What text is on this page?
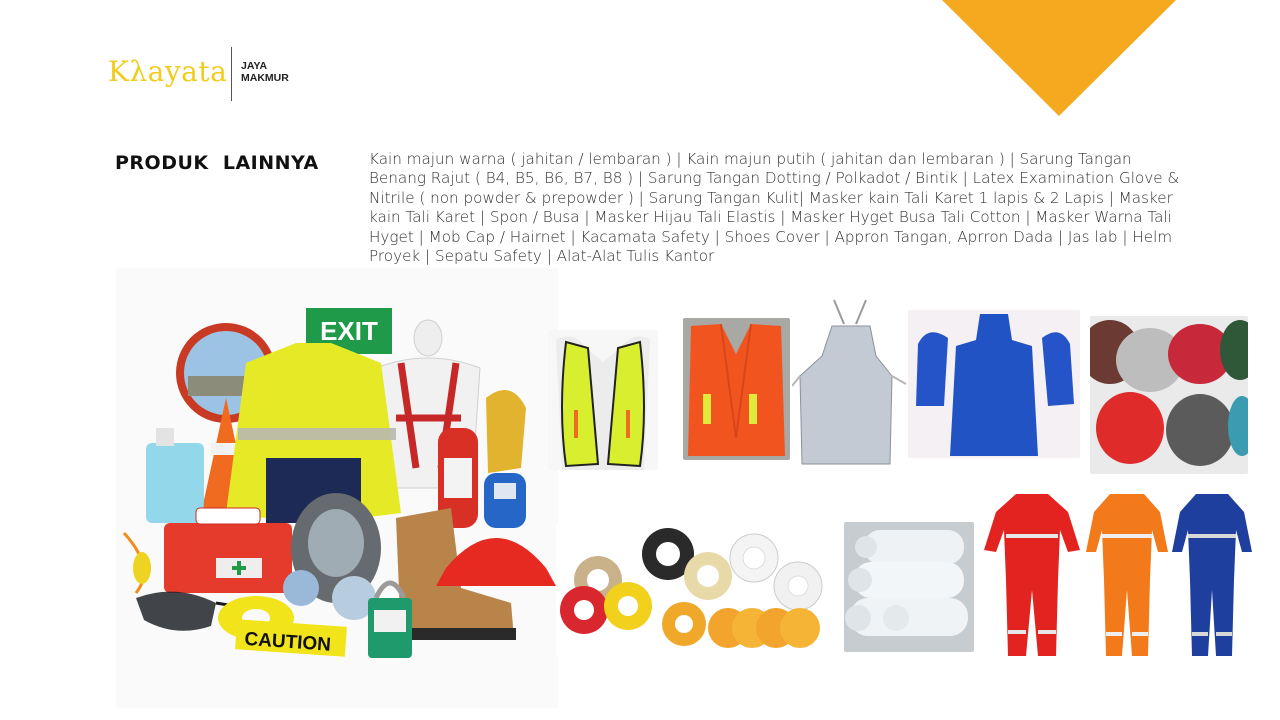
Kλayata JAYA
MAKMUR
PRODUK  LAINNYA	Kain majun warna ( jahitan / lembaran ) | Kain majun putih ( jahitan dan lembaran ) | Sarung Tangan Benang Rajut ( B4, B5, B6, B7, B8 ) | Sarung Tangan Dotting / Polkadot / Bintik | Latex Examination Glove & Nitrile ( non powder & prepowder ) | Sarung Tangan Kulit| Masker kain Tali Karet 1 lapis & 2 Lapis | Masker kain Tali Karet | Spon / Busa | Masker Hijau Tali Elastis | Masker Hyget Busa Tali Cotton | Masker Warna Tali Hyget | Mob Cap / Hairnet | Kacamata Safety | Shoes Cover | Appron Tangan, Aprron Dada | Jas lab | Helm Proyek | Sepatu Safety | Alat-Alat Tulis Kantor
EXIT
CAUTION
